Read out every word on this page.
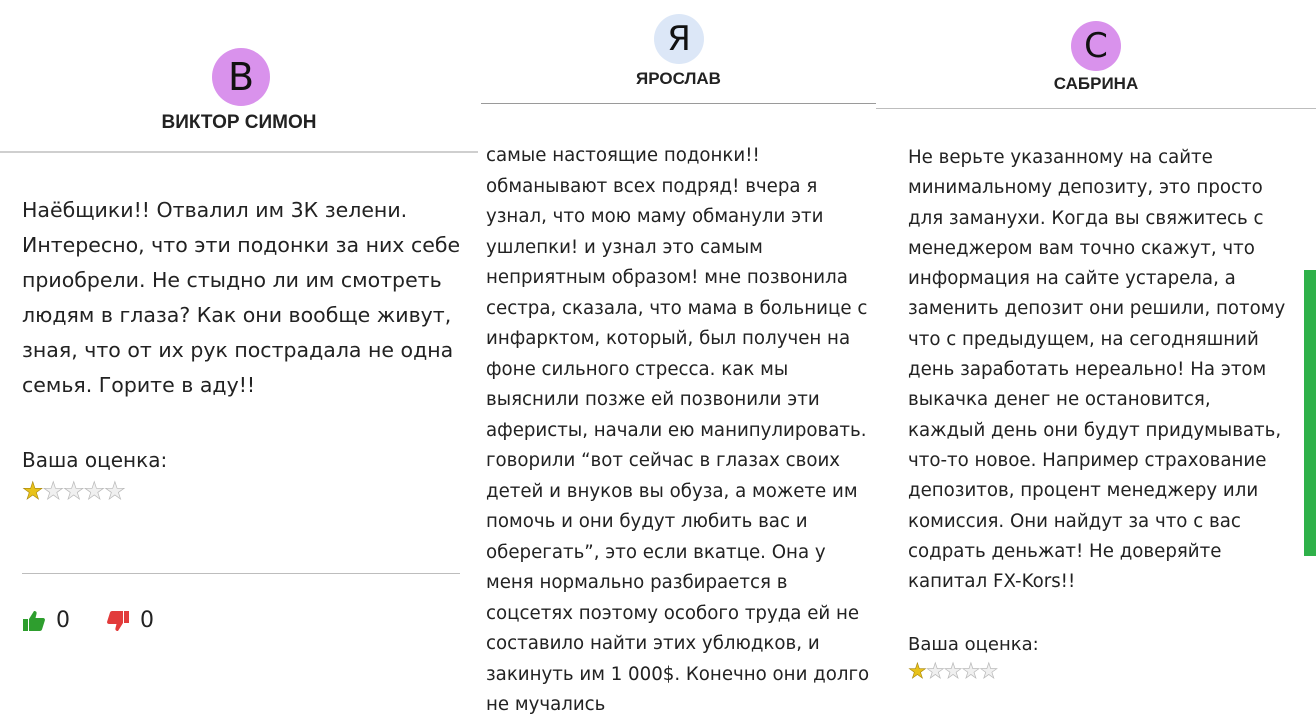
В
ВИКТОР СИМОН
Наёбщики!! Отвалил им 3К зелени. Интересно, что эти подонки за них себе приобрели. Не стыдно ли им смотреть людям в глаза? Как они вообще живут, зная, что от их рук пострадала не одна семья. Горите в аду!!
Ваша оценка:
★ ★ ★ ★ ★
0	0
Я
ЯРОСЛАВ
самые настоящие подонки!! обманывают всех подряд! вчера я узнал, что мою маму обманули эти ушлепки! и узнал это самым неприятным образом! мне позвонила сестра, сказала, что мама в больнице с инфарктом, который, был получен на фоне сильного стресса. как мы выяснили позже ей позвонили эти аферисты, начали ею манипулировать. говорили “вот сейчас в глазах своих детей и внуков вы обуза, а можете им помочь и они будут любить вас и оберегать”, это если вкатце. Она у меня нормально разбирается в соцсетях поэтому особого труда ей не составило найти этих ублюдков, и закинуть им 1 000$. Конечно они долго не мучались
С
САБРИНА
Не верьте указанному на сайте минимальному депозиту, это просто для заманухи. Когда вы свяжитесь с менеджером вам точно скажут, что информация на сайте устарела, а заменить депозит они решили, потому что с предыдущем, на сегодняшний день заработать нереально! На этом выкачка денег не остановится, каждый день они будут придумывать, что-то новое. Например страхование депозитов, процент менеджеру или комиссия. Они найдут за что с вас содрать деньжат! Не доверяйте капитал FX-Kors!!
Ваша оценка:
★ ★ ★ ★ ★
